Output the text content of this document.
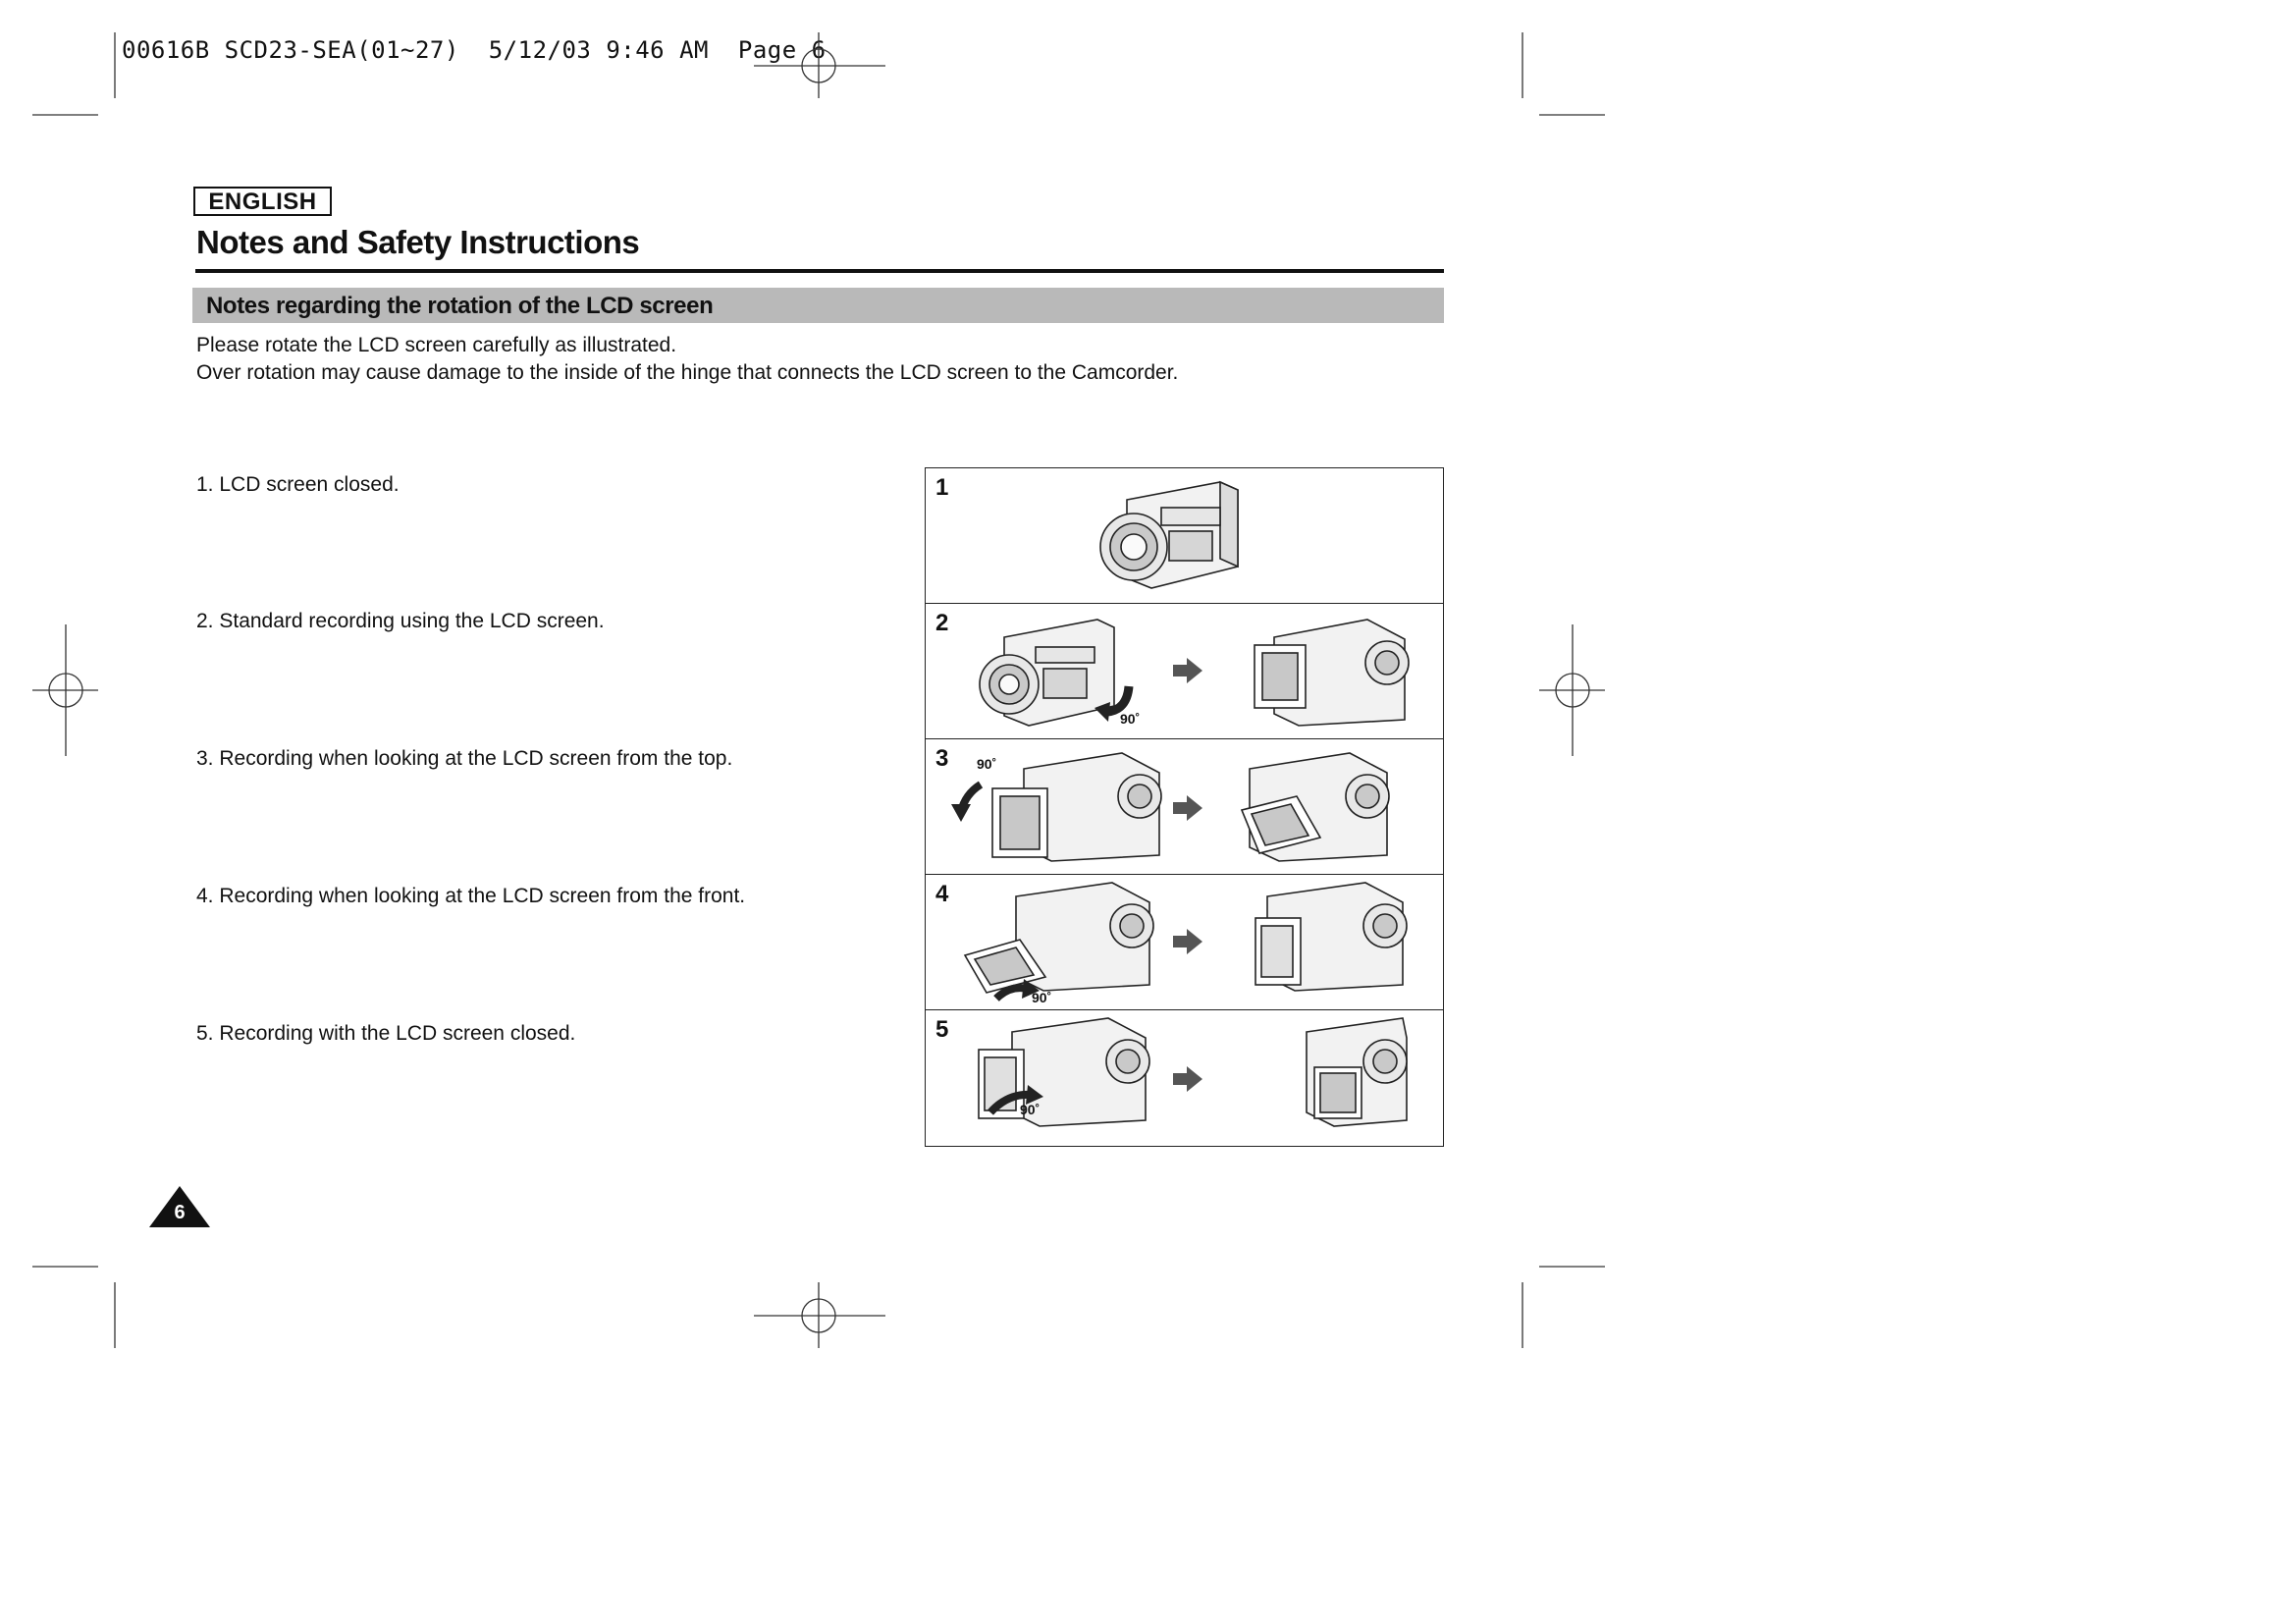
00616B SCD23-SEA(01~27)  5/12/03 9:46 AM  Page 6
ENGLISH
Notes and Safety Instructions
Notes regarding the rotation of the LCD screen
Please rotate the LCD screen carefully as illustrated.
Over rotation may cause damage to the inside of the hinge that connects the LCD screen to the Camcorder.
1. LCD screen closed.
2. Standard recording using the LCD screen.
3. Recording when looking at the LCD screen from the top.
4. Recording when looking at the LCD screen from the front.
5. Recording with the LCD screen closed.
1
2
90˚
3 90˚
4
90˚
5
90˚
6
